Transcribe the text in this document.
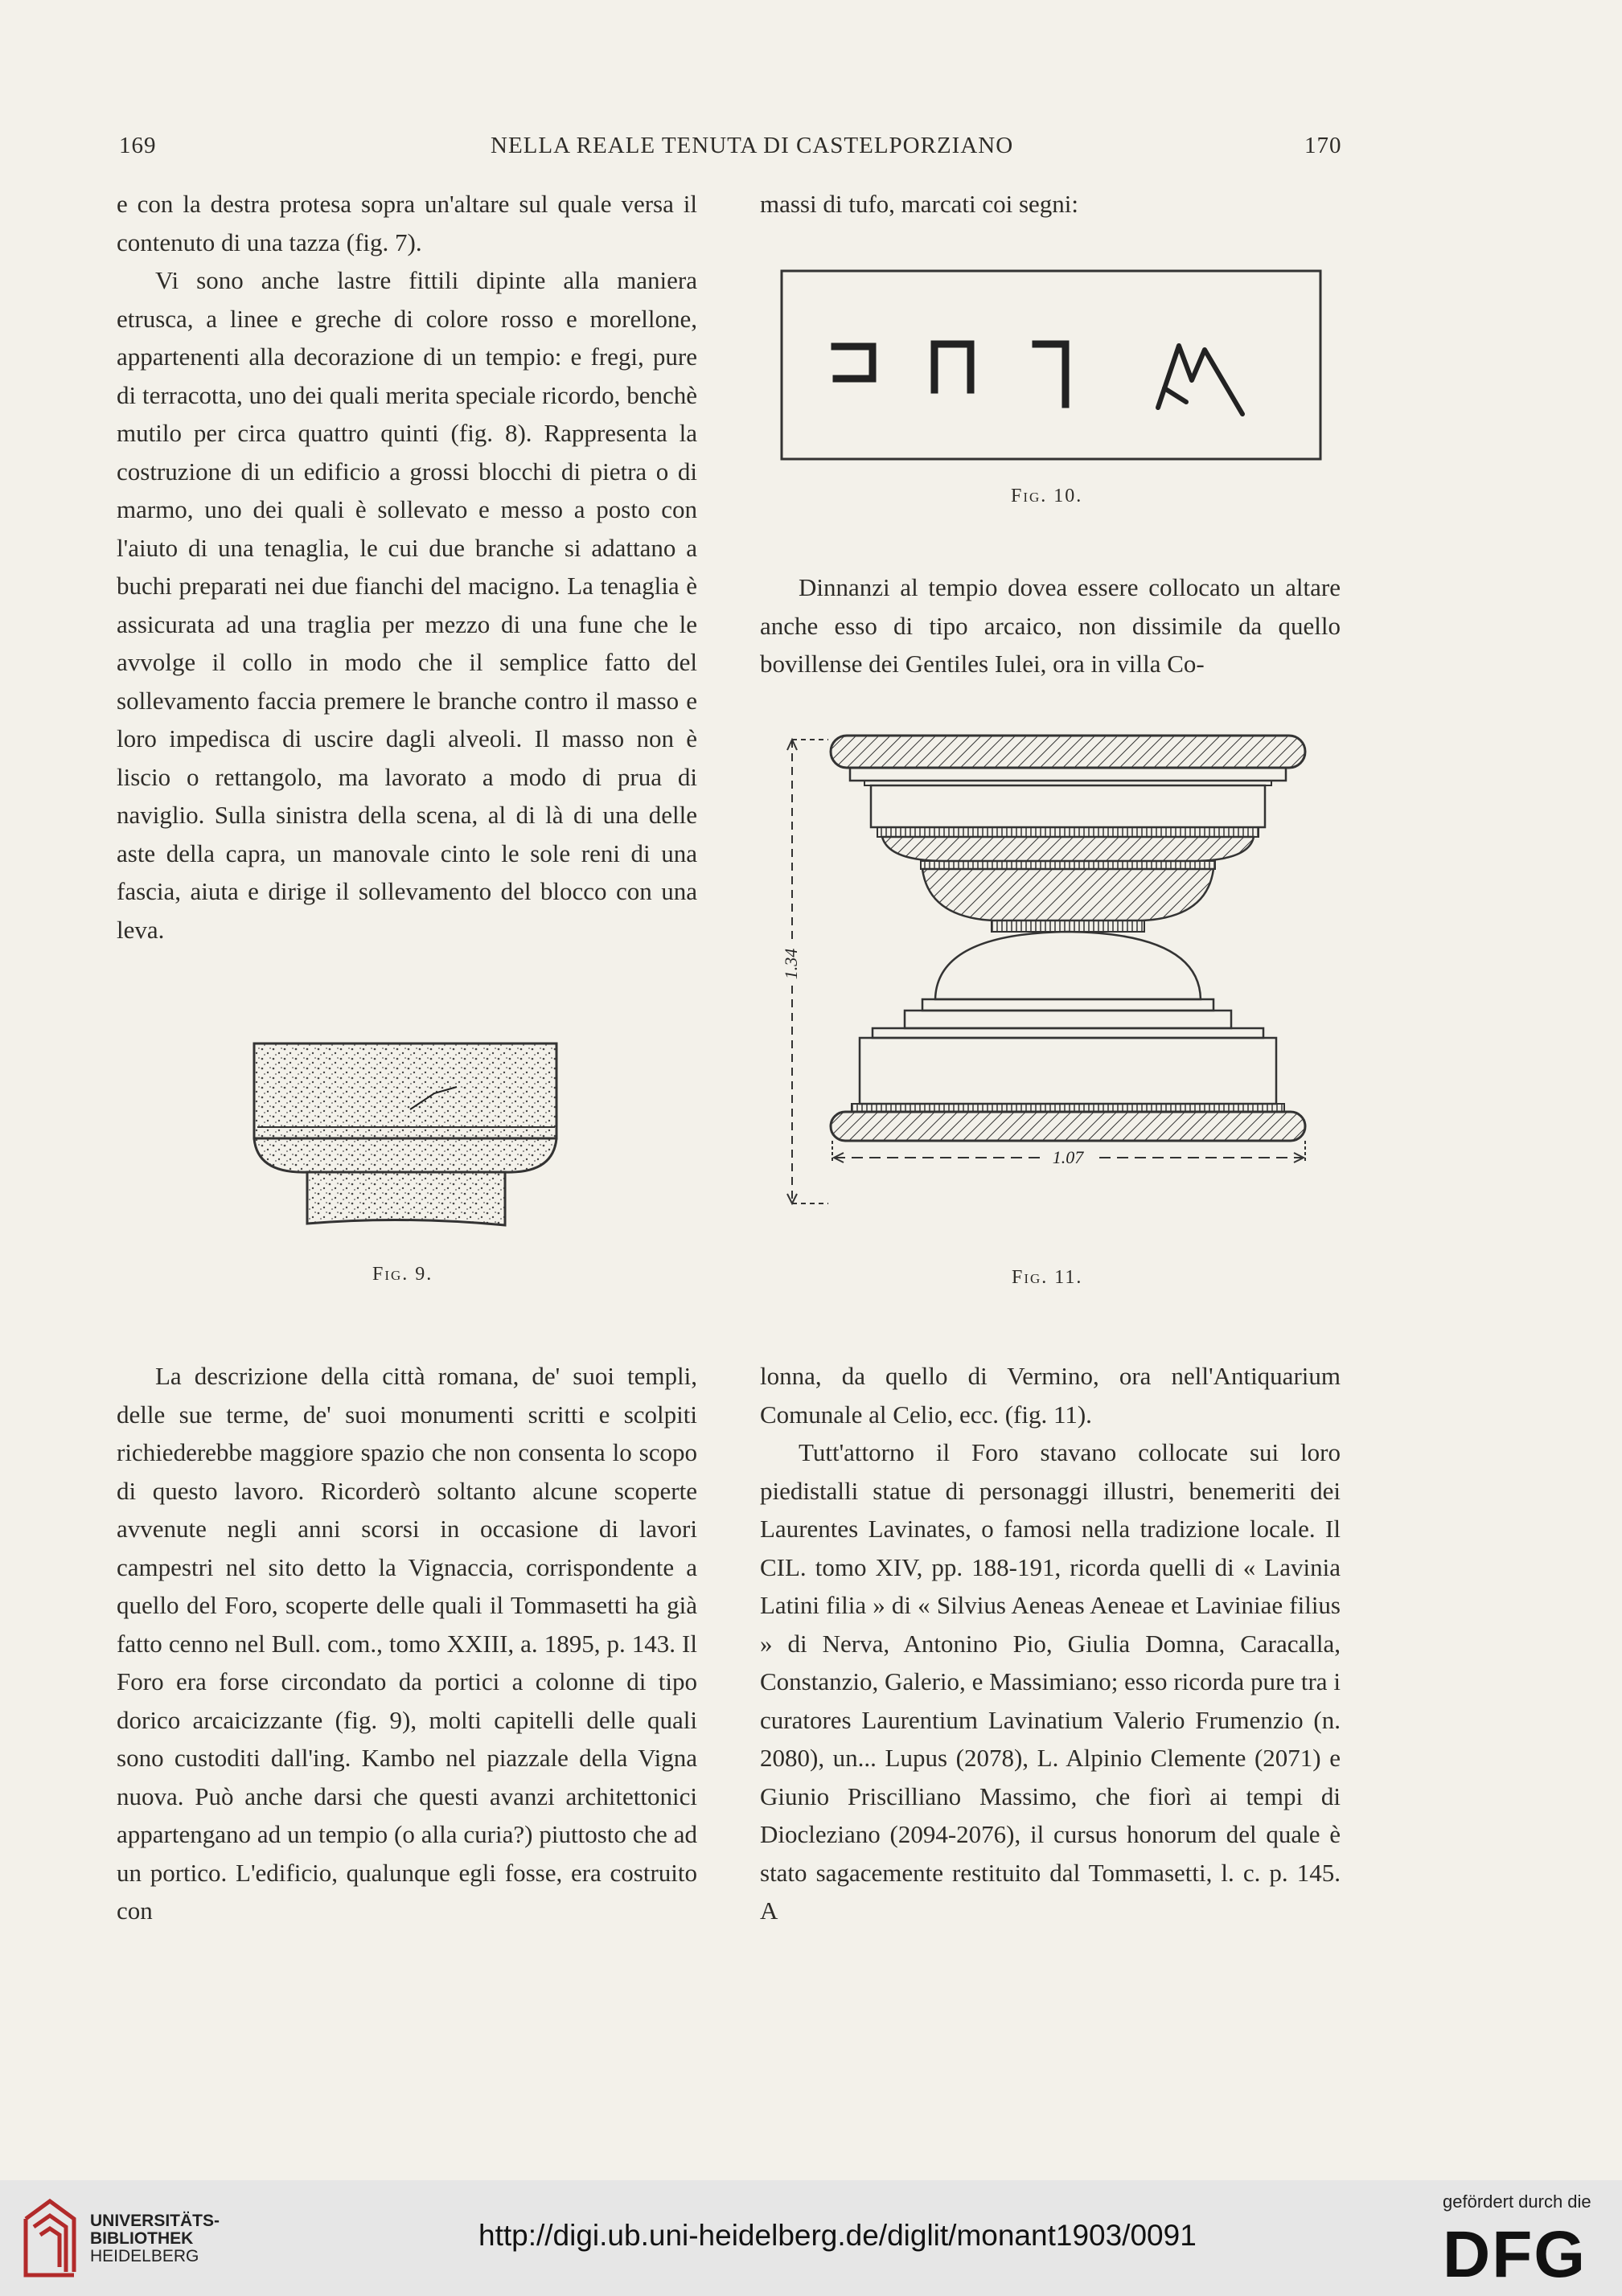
169	NELLA REALE TENUTA DI CASTELPORZIANO	170

e con la destra protesa sopra un'altare sul quale versa il contenuto di una tazza (fig. 7).

Vi sono anche lastre fittili dipinte alla maniera etrusca, a linee e greche di colore rosso e morellone, appartenenti alla decorazione di un tempio: e fregi, pure di terracotta, uno dei quali merita speciale ricordo, benchè mutilo per circa quattro quinti (fig. 8). Rappresenta la costruzione di un edificio a grossi blocchi di pietra o di marmo, uno dei quali è sollevato e messo a posto con l'aiuto di una tenaglia, le cui due branche si adattano a buchi preparati nei due fianchi del macigno. La tenaglia è assicurata ad una traglia per mezzo di una fune che le avvolge il collo in modo che il semplice fatto del sollevamento faccia premere le branche contro il masso e loro impedisca di uscire dagli alveoli. Il masso non è liscio o rettangolo, ma lavorato a modo di prua di naviglio. Sulla sinistra della scena, al di là di una delle aste della capra, un manovale cinto le sole reni di una fascia, aiuta e dirige il sollevamento del blocco con una leva.

massi di tufo, marcati coi segni:
Fig. 10.

Dinnanzi al tempio dovea essere collocato un altare anche esso di tipo arcaico, non dissimile da quello bovillense dei Gentiles Iulei, ora in villa Co-

Fig. 9.
1.34
1.07
Fig. 11.

La descrizione della città romana, de' suoi templi, delle sue terme, de' suoi monumenti scritti e scolpiti richiederebbe maggiore spazio che non consenta lo scopo di questo lavoro. Ricorderò soltanto alcune scoperte avvenute negli anni scorsi in occasione di lavori campestri nel sito detto la Vignaccia, corrispondente a quello del Foro, scoperte delle quali il Tommasetti ha già fatto cenno nel Bull. com., tomo XXIII, a. 1895, p. 143. Il Foro era forse circondato da portici a colonne di tipo dorico arcaicizzante (fig. 9), molti capitelli delle quali sono custoditi dall'ing. Kambo nel piazzale della Vigna nuova. Può anche darsi che questi avanzi architettonici appartengano ad un tempio (o alla curia?) piuttosto che ad un portico. L'edificio, qualunque egli fosse, era costruito con

lonna, da quello di Vermino, ora nell'Antiquarium Comunale al Celio, ecc. (fig. 11).

Tutt'attorno il Foro stavano collocate sui loro piedistalli statue di personaggi illustri, benemeriti dei Laurentes Lavinates, o famosi nella tradizione locale. Il CIL. tomo XIV, pp. 188-191, ricorda quelli di « Lavinia Latini filia » di « Silvius Aeneas Aeneae et Laviniae filius » di Nerva, Antonino Pio, Giulia Domna, Caracalla, Constanzio, Galerio, e Massimiano; esso ricorda pure tra i curatores Laurentium Lavinatium Valerio Frumenzio (n. 2080), un... Lupus (2078), L. Alpinio Clemente (2071) e Giunio Priscilliano Massimo, che fiorì ai tempi di Diocleziano (2094-2076), il cursus honorum del quale è stato sagacemente restituito dal Tommasetti, l. c. p. 145. A

UNIVERSITÄTS-
BIBLIOTHEK
HEIDELBERG
http://digi.ub.uni-heidelberg.de/diglit/monant1903/0091
gefördert durch die
DFG
